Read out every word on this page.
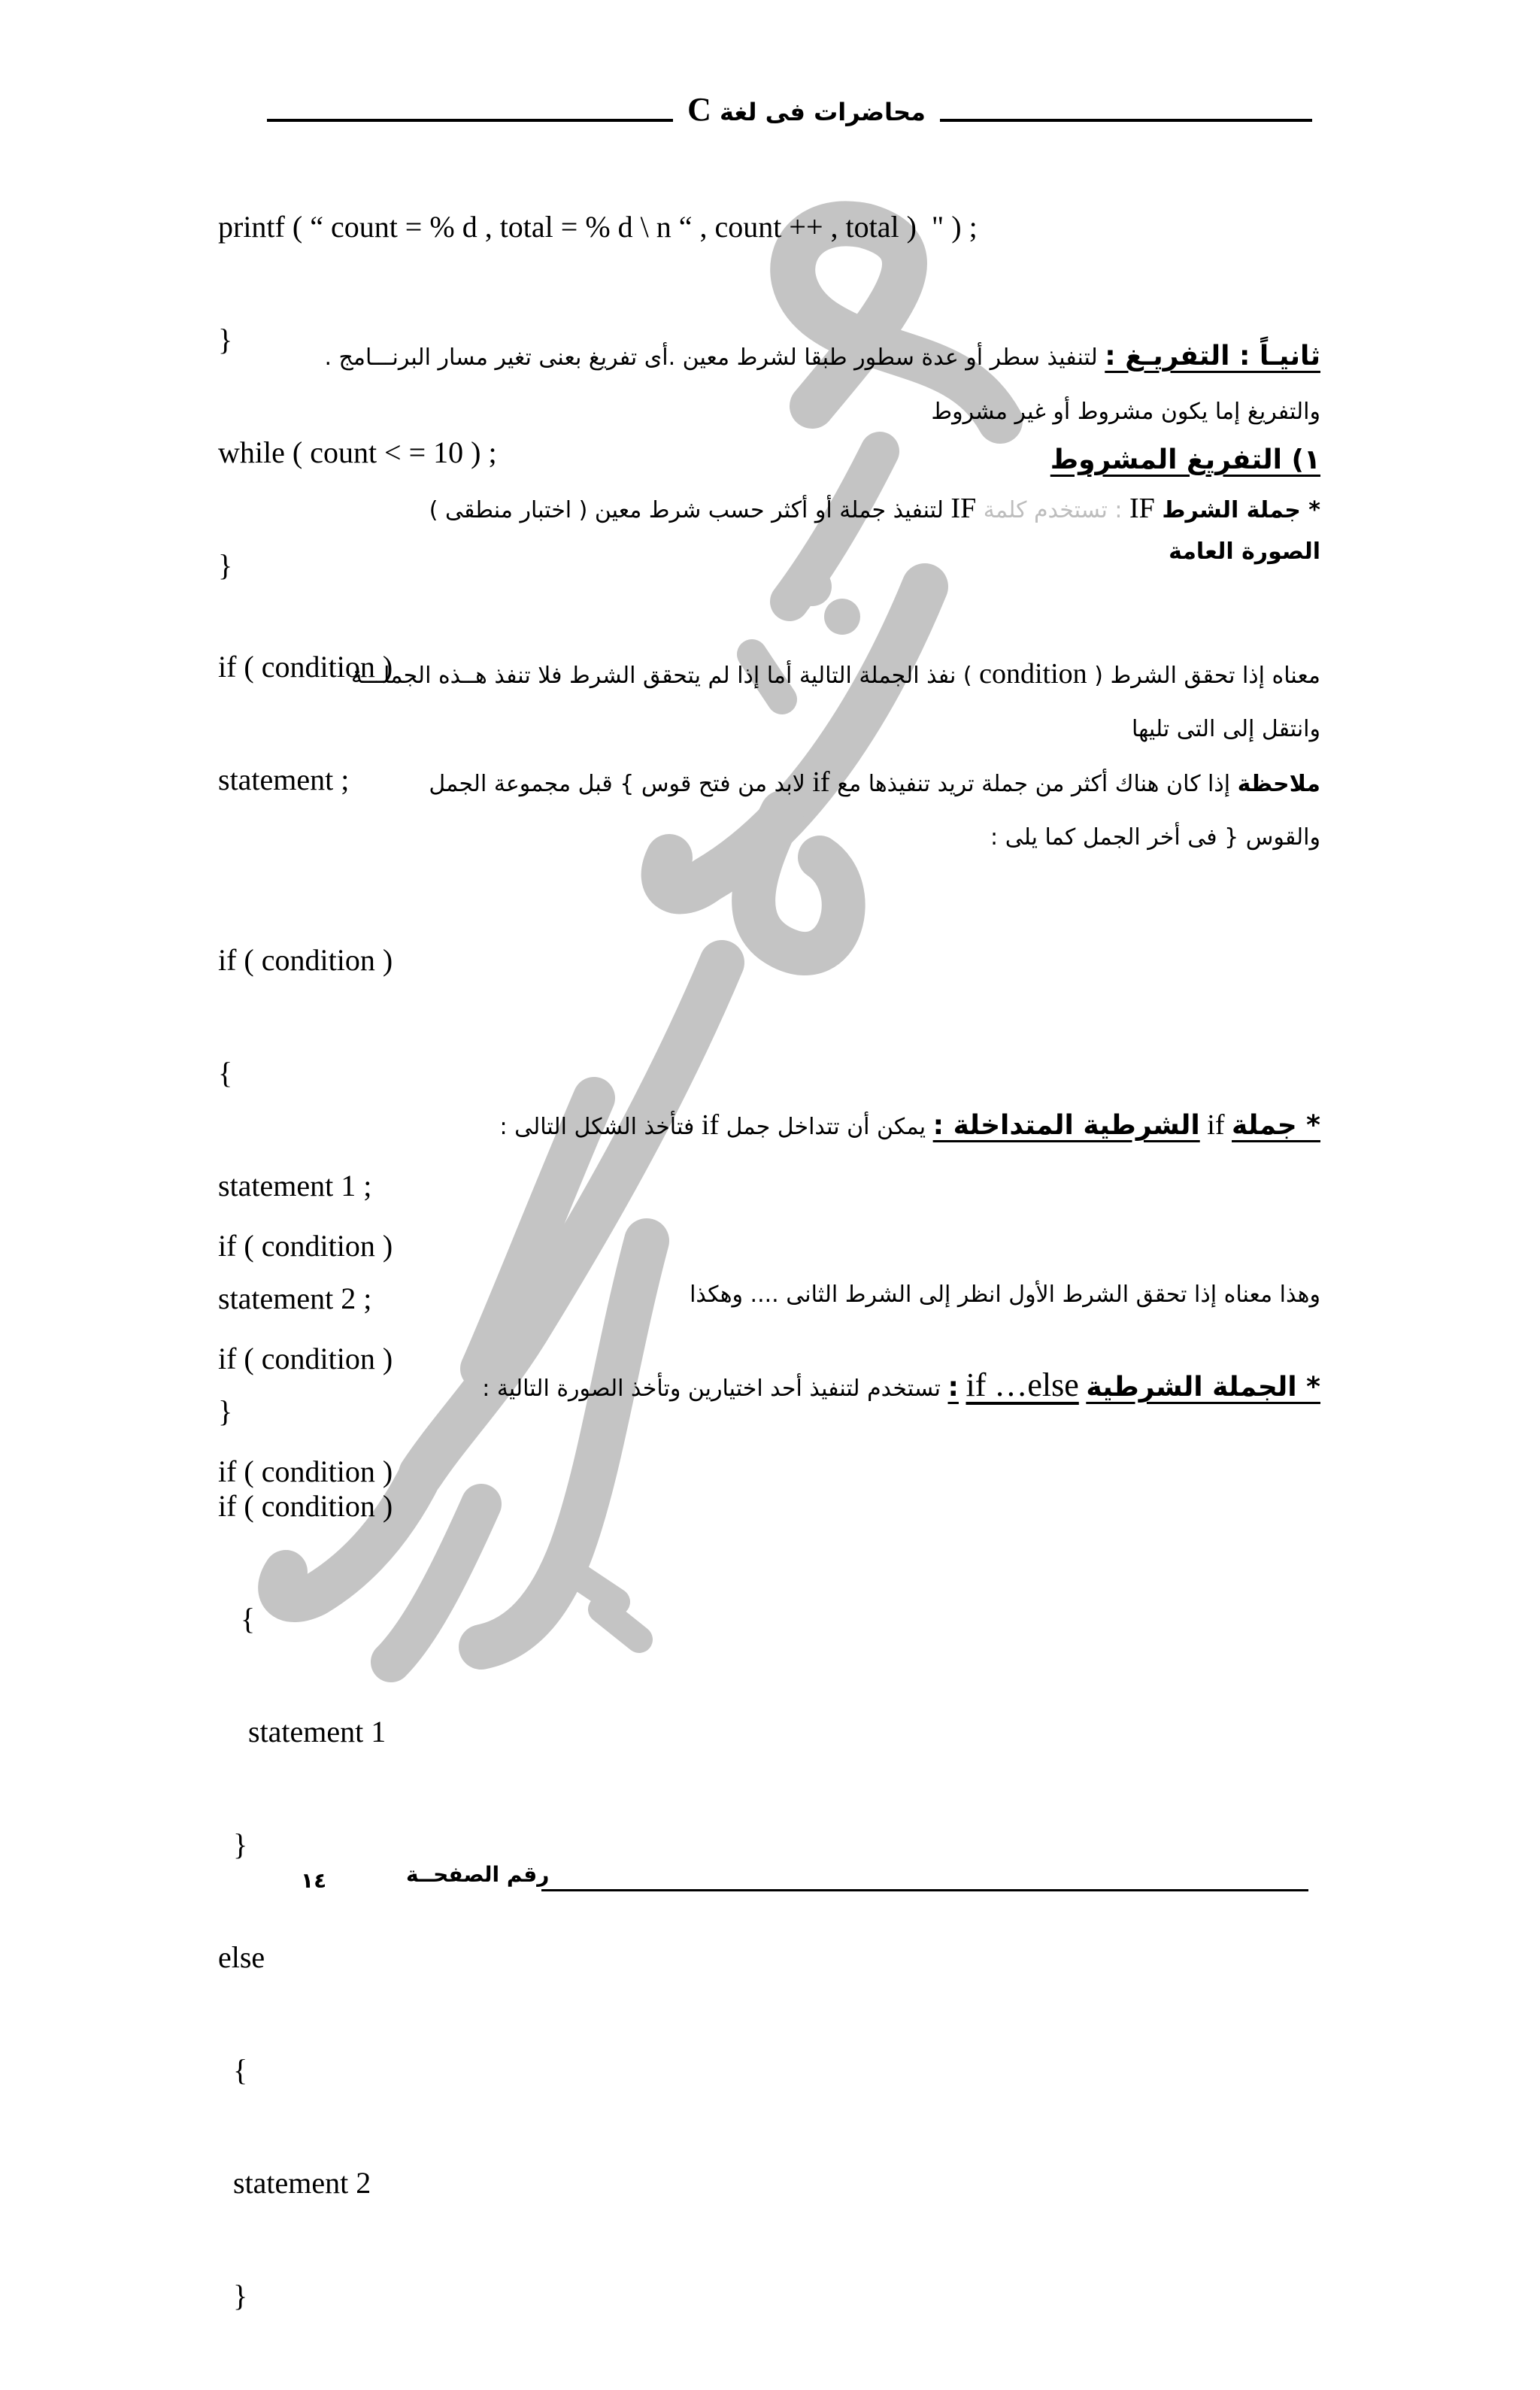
محاضرات فى لغة C

printf ( “ count = % d , total = % d \ n “ , count ++ , total )  " ) ;

}

while ( count < = 10 ) ;

}

ثانيـاً : التفريـغ : لتنفيذ سطر أو عدة سطور طبقا لشرط معين .أى تفريغ بعنى تغير مسار البرنـــامج .
والتفريغ إما يكون مشروط أو غير مشروط
١) التفريغ المشروط
* جملة الشرط IF : تستخدم كلمة IF لتنفيذ جملة أو أكثر حسب شرط معين ( اختبار منطقى )
الصورة العامة

if ( condition )

statement ;

معناه إذا تحقق الشرط ( condition ) نفذ الجملة التالية أما إذا لم يتحقق الشرط فلا تنفذ هــذه الجملـــة
وانتقل إلى التى تليها
ملاحظة إذا كان هناك أكثر من جملة تريد تنفيذها مع if لابد من فتح قوس } قبل مجموعة الجمل
والقوس { فى أخر الجمل كما يلى :

if ( condition )

{

statement 1 ;

statement 2 ;

}

* جملة if الشرطية المتداخلة : يمكن أن تتداخل جمل if فتأخذ الشكل التالى :

if ( condition )

if ( condition )

if ( condition )

وهذا معناه إذا تحقق الشرط الأول انظر إلى الشرط الثانى .... وهكذا
* الجملة الشرطية if …else : تستخدم لتنفيذ أحد اختيارين وتأخذ الصورة التالية :

if ( condition )

{

statement 1

}

else

{

statement 2

}

رقم الصفحــة
١٤
